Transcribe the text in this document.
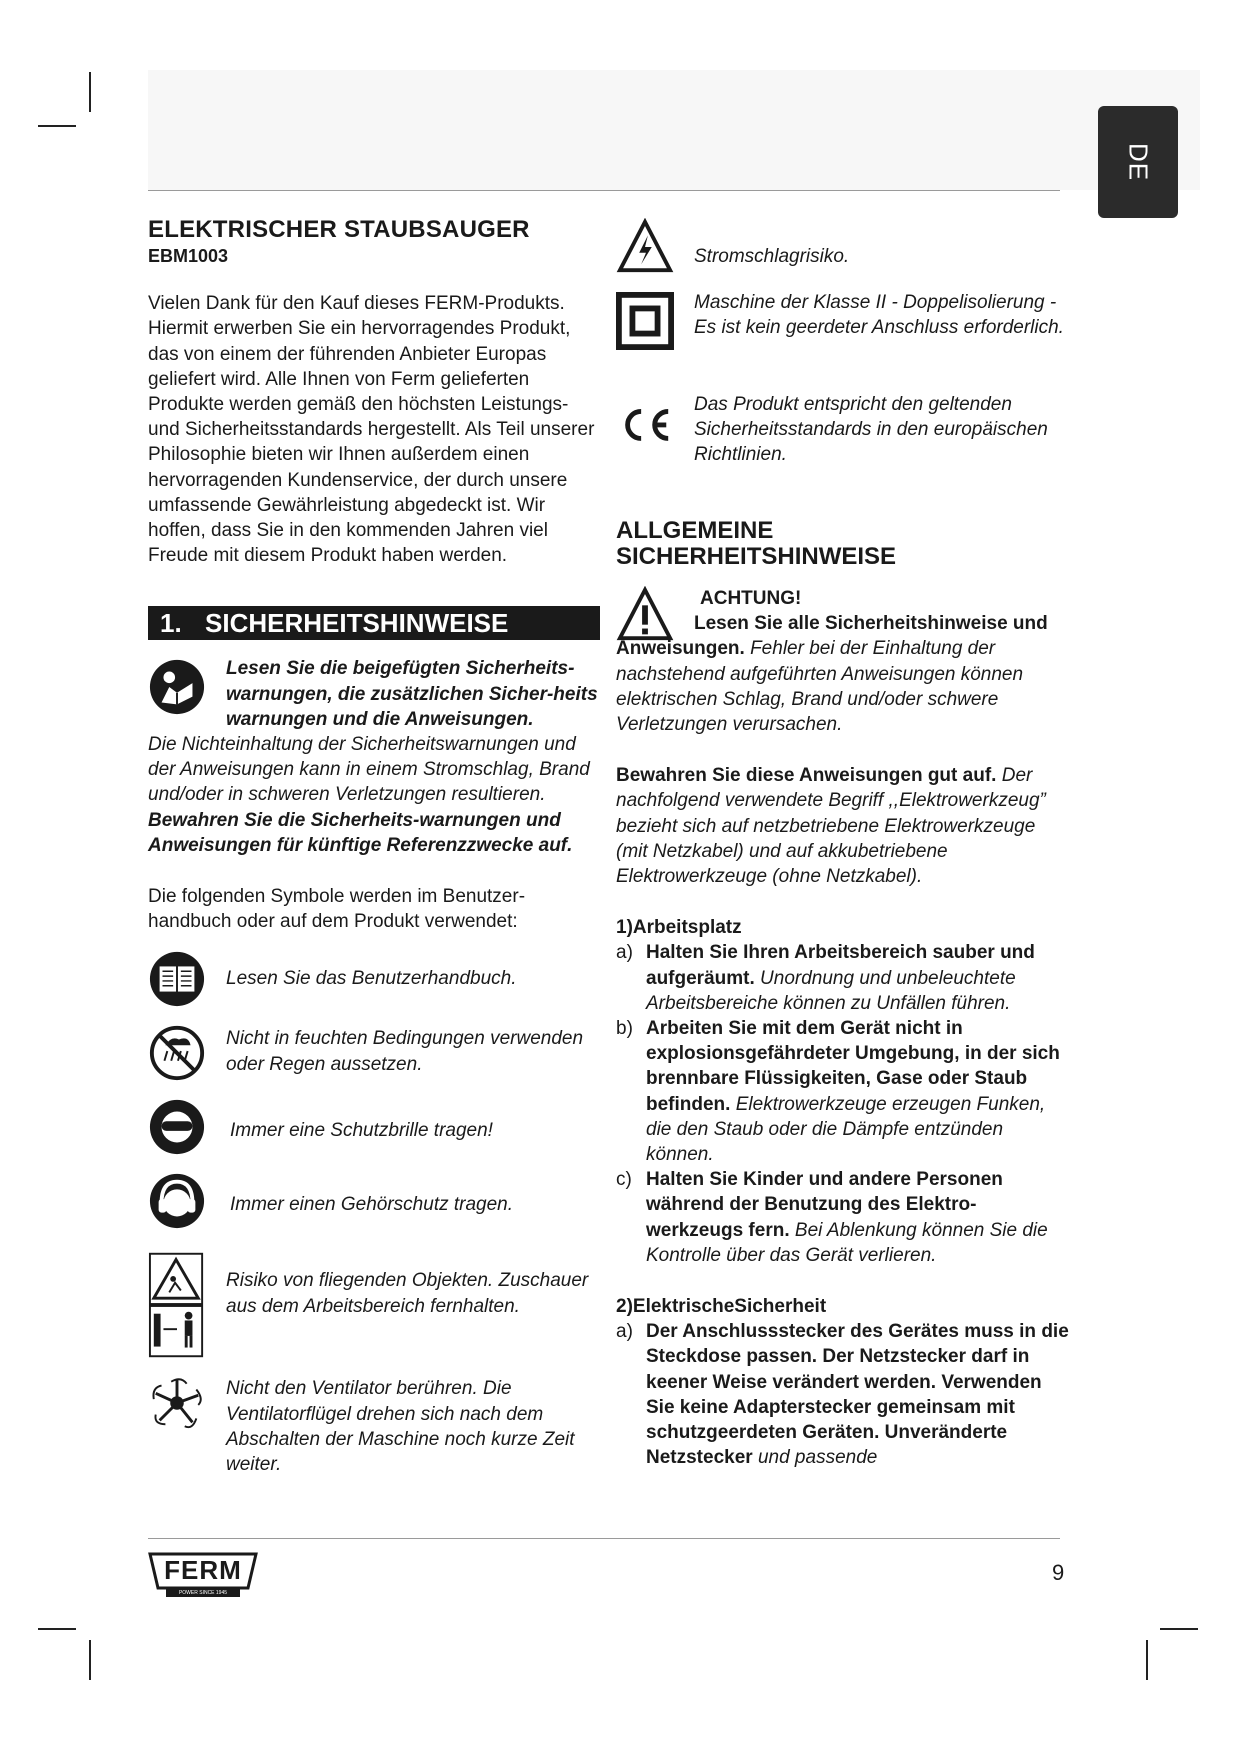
DE
ELEKTRISCHER STAUBSAUGER
EBM1003

Vielen Dank für den Kauf dieses FERM-Produkts. Hiermit erwerben Sie ein hervorragendes Produkt, das von einem der führenden Anbieter Europas geliefert wird. Alle Ihnen von Ferm gelieferten Produkte werden gemäß den höchsten Leistungs- und Sicherheitsstandards hergestellt. Als Teil unserer Philosophie bieten wir Ihnen außerdem einen hervorragenden Kundenservice, der durch unsere umfassende Gewährleistung abgedeckt ist. Wir hoffen, dass Sie in den kommenden Jahren viel Freude mit diesem Produkt haben werden.

1. SICHERHEITSHINWEISE

Lesen Sie die beigefügten Sicherheits-warnungen, die zusätzlichen Sicher-heits warnungen und die Anweisungen.

Die Nichteinhaltung der Sicherheitswarnungen und der Anweisungen kann in einem Stromschlag, Brand und/oder in schweren Verletzungen resultieren. Bewahren Sie die Sicherheits-warnungen und Anweisungen für künftige Referenzzwecke auf.

Die folgenden Symbole werden im Benutzer-handbuch oder auf dem Produkt verwendet:

Lesen Sie das Benutzerhandbuch.

Nicht in feuchten Bedingungen verwenden oder Regen aussetzen.

Immer eine Schutzbrille tragen!

Immer einen Gehörschutz tragen.

Risiko von fliegenden Objekten. Zuschauer aus dem Arbeitsbereich fernhalten.

Nicht den Ventilator berühren. Die Ventilatorflügel drehen sich nach dem Abschalten der Maschine noch kurze Zeit weiter.

Stromschlagrisiko.

Maschine der Klasse II - Doppelisolierung - Es ist kein geerdeter Anschluss erforderlich.

Das Produkt entspricht den geltenden Sicherheitsstandards in den europäischen Richtlinien.

ALLGEMEINE
SICHERHEITSHINWEISE
ACHTUNG!

Lesen Sie alle Sicherheitshinweise und Anweisungen. Fehler bei der Einhaltung der nachstehend aufgeführten Anweisungen können elektrischen Schlag, Brand und/oder schwere Verletzungen verursachen.

Bewahren Sie diese Anweisungen gut auf. Der nachfolgend verwendete Begriff ,,Elektrowerkzeug” bezieht sich auf netzbetriebene Elektrowerkzeuge (mit Netzkabel) und auf akkubetriebene Elektrowerkzeuge (ohne Netzkabel).

1)Arbeitsplatz
a) Halten Sie Ihren Arbeitsbereich sauber und aufgeräumt. Unordnung und unbeleuchtete Arbeitsbereiche können zu Unfällen führen.

b) Arbeiten Sie mit dem Gerät nicht in explosionsgefährdeter Umgebung, in der sich brennbare Flüssigkeiten, Gase oder Staub befinden. Elektrowerkzeuge erzeugen Funken, die den Staub oder die Dämpfe entzünden können.

c) Halten Sie Kinder und andere Personen während der Benutzung des Elektro-werkzeugs fern. Bei Ablenkung können Sie die Kontrolle über das Gerät verlieren.

2)ElektrischeSicherheit
a) Der Anschlussstecker des Gerätes muss in die Steckdose passen. Der Netzstecker darf in keener Weise verändert werden. Verwenden Sie keine Adapterstecker gemeinsam mit schutzgeerdeten Geräten. Unveränderte Netzstecker und passende

FERM
POWER SINCE 1945
9
